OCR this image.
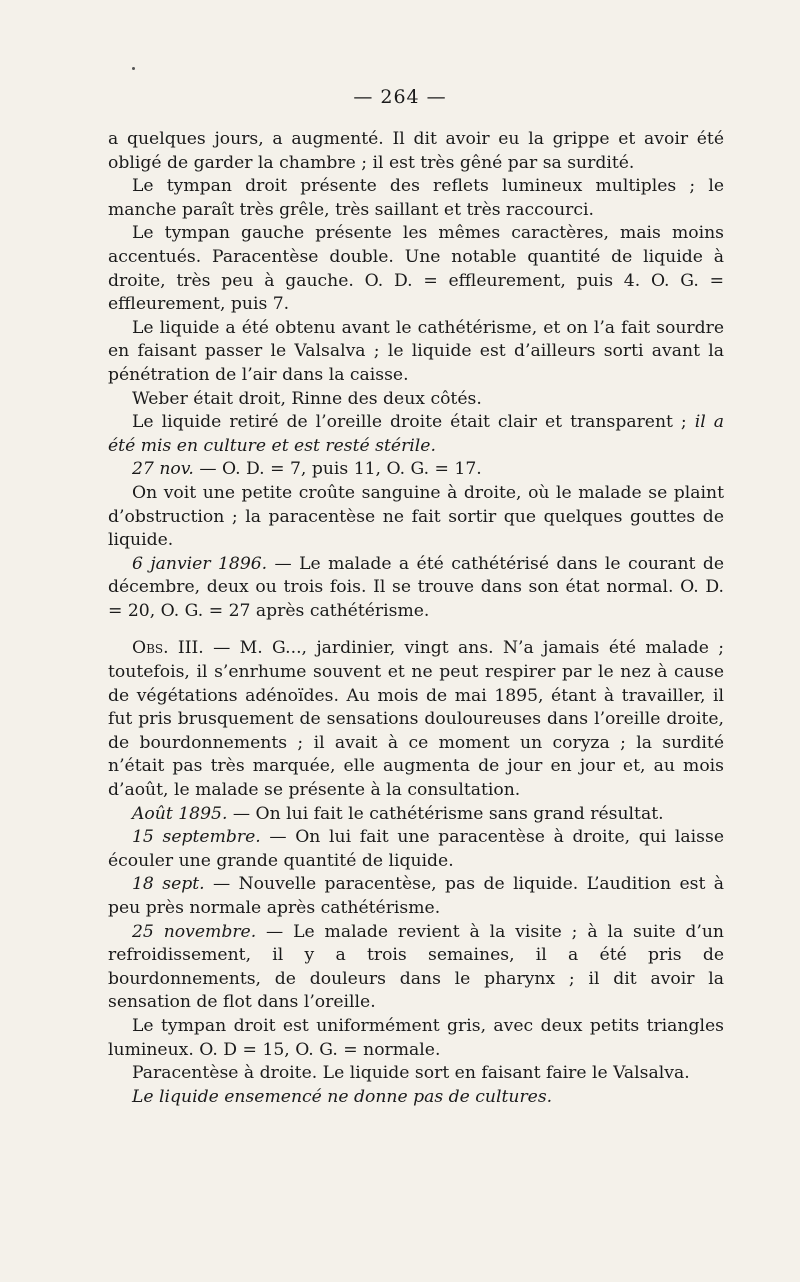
— 264 —

a quelques jours, a augmenté. Il dit avoir eu la grippe et avoir été obligé de garder la chambre ; il est très gêné par sa surdité.

Le tympan droit présente des reflets lumineux multiples ; le manche paraît très grêle, très saillant et très raccourci.

Le tympan gauche présente les mêmes caractères, mais moins accentués. Paracentèse double. Une notable quantité de liquide à droite, très peu à gauche. O. D. = effleurement, puis 4. O. G. = effleurement, puis 7.

Le liquide a été obtenu avant le cathétérisme, et on l’a fait sourdre en faisant passer le Valsalva ; le liquide est d’ailleurs sorti avant la pénétration de l’air dans la caisse.

Weber était droit, Rinne des deux côtés.

Le liquide retiré de l’oreille droite était clair et transparent ; il a été mis en culture et est resté stérile.

27 nov. — O. D. = 7, puis 11, O. G. = 17.

On voit une petite croûte sanguine à droite, où le malade se plaint d’obstruction ; la paracentèse ne fait sortir que quelques gouttes de liquide.

6 janvier 1896. — Le malade a été cathétérisé dans le courant de décembre, deux ou trois fois. Il se trouve dans son état normal. O. D. = 20, O. G. = 27 après cathétérisme.

Obs. III. — M. G..., jardinier, vingt ans. N’a jamais été malade ; toutefois, il s’enrhume souvent et ne peut respirer par le nez à cause de végétations adénoïdes. Au mois de mai 1895, étant à travailler, il fut pris brusquement de sensations douloureuses dans l’oreille droite, de bourdonnements ; il avait à ce moment un coryza ; la surdité n’était pas très marquée, elle augmenta de jour en jour et, au mois d’août, le malade se présente à la consultation.

Août 1895. — On lui fait le cathétérisme sans grand résultat.

15 septembre. — On lui fait une paracentèse à droite, qui laisse écouler une grande quantité de liquide.

18 sept. — Nouvelle paracentèse, pas de liquide. L’audition est à peu près normale après cathétérisme.

25 novembre. — Le malade revient à la visite ; à la suite d’un refroidissement, il y a trois semaines, il a été pris de bourdonnements, de douleurs dans le pharynx ; il dit avoir la sensation de flot dans l’oreille.

Le tympan droit est uniformément gris, avec deux petits triangles lumineux. O. D = 15, O. G. = normale.

Paracentèse à droite. Le liquide sort en faisant faire le Valsalva.

Le liquide ensemencé ne donne pas de cultures.
